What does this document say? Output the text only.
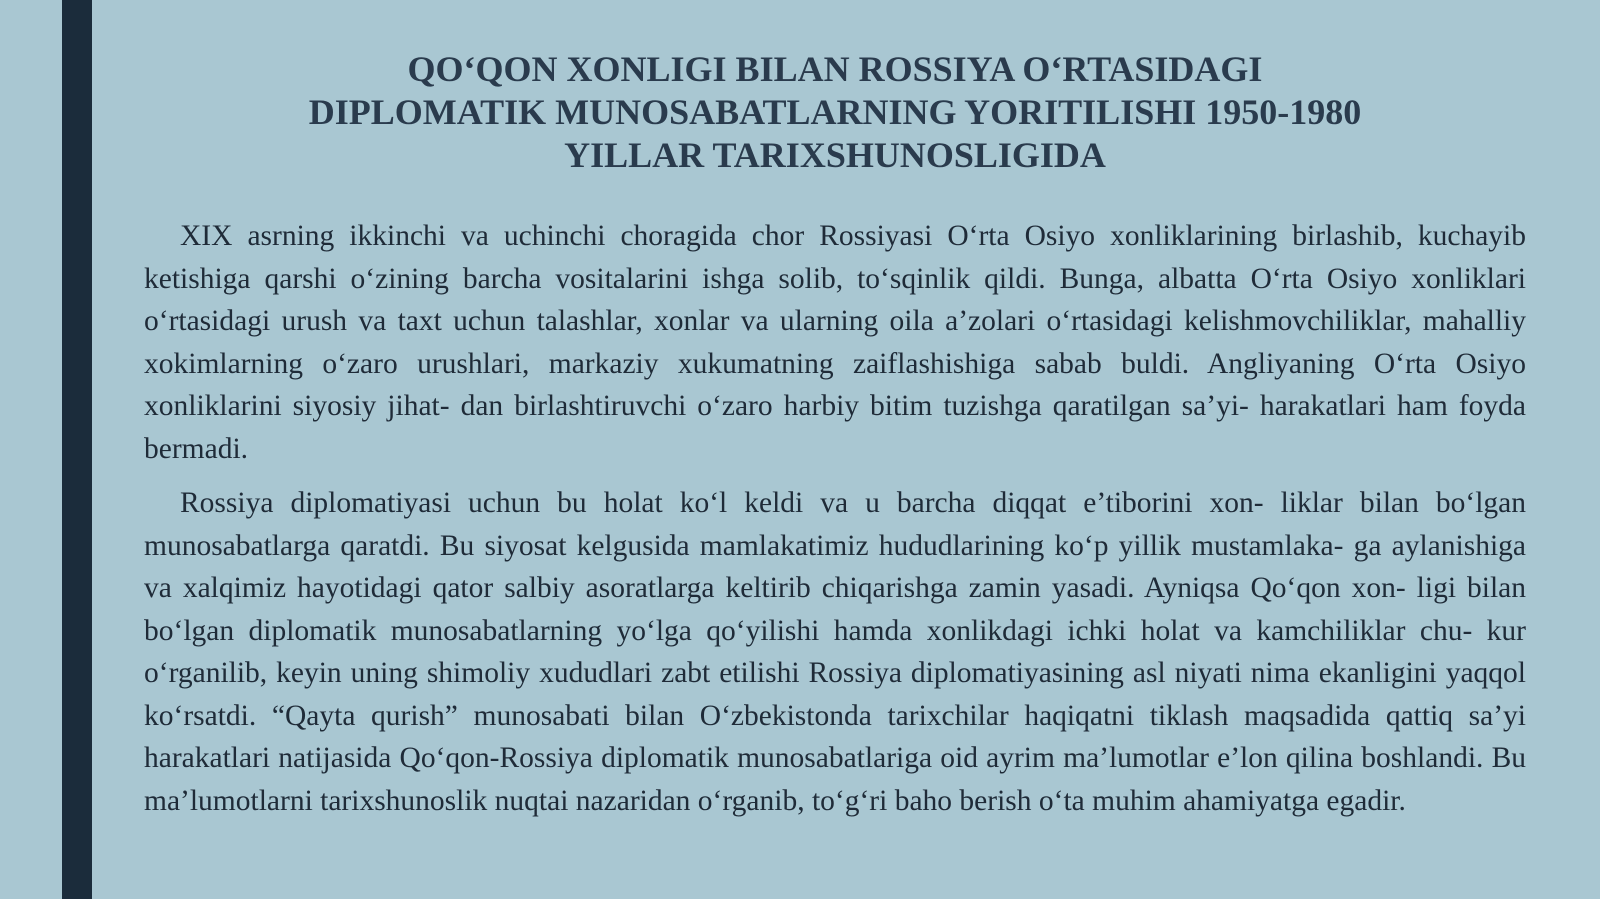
QO‘QON XONLIGI BILAN ROSSIYA O‘RTASIDAGI
DIPLOMATIK MUNOSABATLARNING YORITILISHI 1950-1980
YILLAR TARIXSHUNOSLIGIDA

XIX asrning ikkinchi va uchinchi choragida chor Rossiyasi O‘rta Osiyo xonliklarining birlashib, kuchayib ketishiga qarshi o‘zining barcha vositalarini ishga solib, to‘sqinlik qildi. Bunga, albatta O‘rta Osiyo xonliklari o‘rtasidagi urush va taxt uchun talashlar, xonlar va ularning oila a’zolari o‘rtasidagi kelishmovchiliklar, mahalliy xokimlarning o‘zaro urushlari, markaziy xukumatning zaiflashishiga sabab buldi. Angliyaning O‘rta Osiyo xonliklarini siyosiy jihat- dan birlashtiruvchi o‘zaro harbiy bitim tuzishga qaratilgan sa’yi- harakatlari ham foyda bermadi.

Rossiya diplomatiyasi uchun bu holat ko‘l keldi va u barcha diqqat e’tiborini xon- liklar bilan bo‘lgan munosabatlarga qaratdi. Bu siyosat kelgusida mamlakatimiz hududlarining ko‘p yillik mustamlaka- ga aylanishiga va xalqimiz hayotidagi qator salbiy asoratlarga keltirib chiqarishga zamin yasadi. Ayniqsa Qo‘qon xon- ligi bilan bo‘lgan diplomatik munosabatlarning yo‘lga qo‘yilishi hamda xonlikdagi ichki holat va kamchiliklar chu- kur o‘rganilib, keyin uning shimoliy xududlari zabt etilishi Rossiya diplomatiyasining asl niyati nima ekanligini yaqqol ko‘rsatdi. “Qayta qurish” munosabati bilan O‘zbekistonda tarixchilar haqiqatni tiklash maqsadida qattiq sa’yi harakatlari natijasida Qo‘qon-Rossiya diplomatik munosabatlariga oid ayrim ma’lumotlar e’lon qilina boshlandi. Bu ma’lumotlarni tarixshunoslik nuqtai nazaridan o‘rganib, to‘g‘ri baho berish o‘ta muhim ahamiyatga egadir.
